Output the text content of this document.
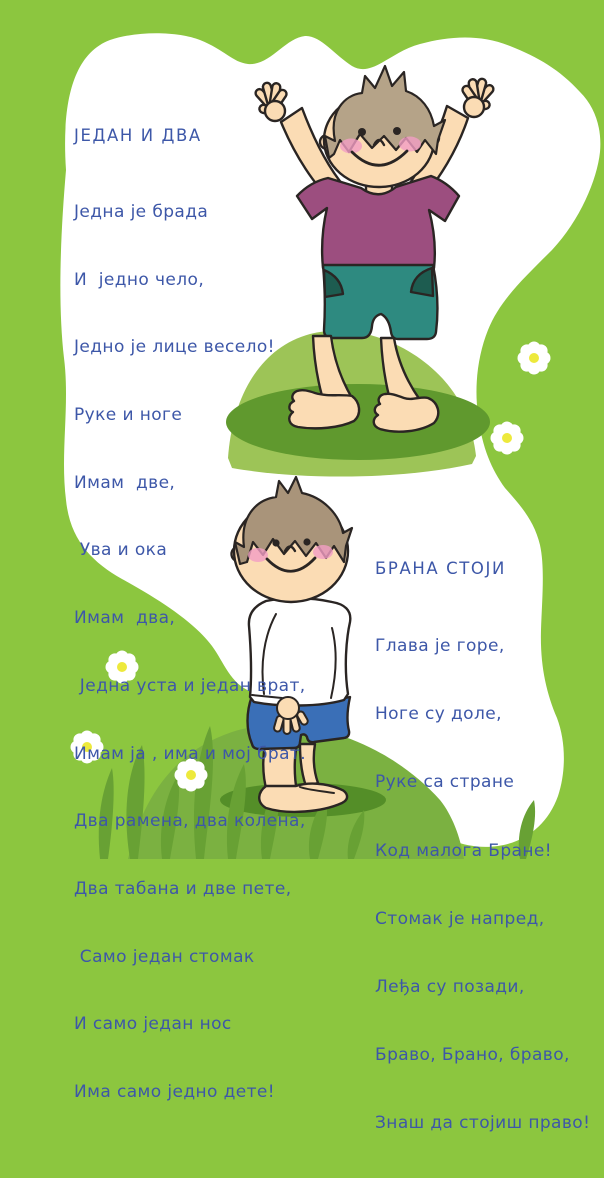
ЈЕДАН И ДВА

Једна је брада

И  једно чело,

Једно је лице весело!

Руке и ноге

Имам  две,

Ува и ока

Имам  два,

Једна уста и један врат,

Имам ја , има и мој брат.

Два рамена, два колена,

Два табана и две пете,

Само један стомак

И само један нос

Има само једно дете!

БРАНА СТОЈИ

Глава је горе,

Ноге су доле,

Руке са стране

Код малога Бране!

Стомак је напред,

Леђа су позади,

Браво, Брано, браво,

Знаш да стојиш право!
